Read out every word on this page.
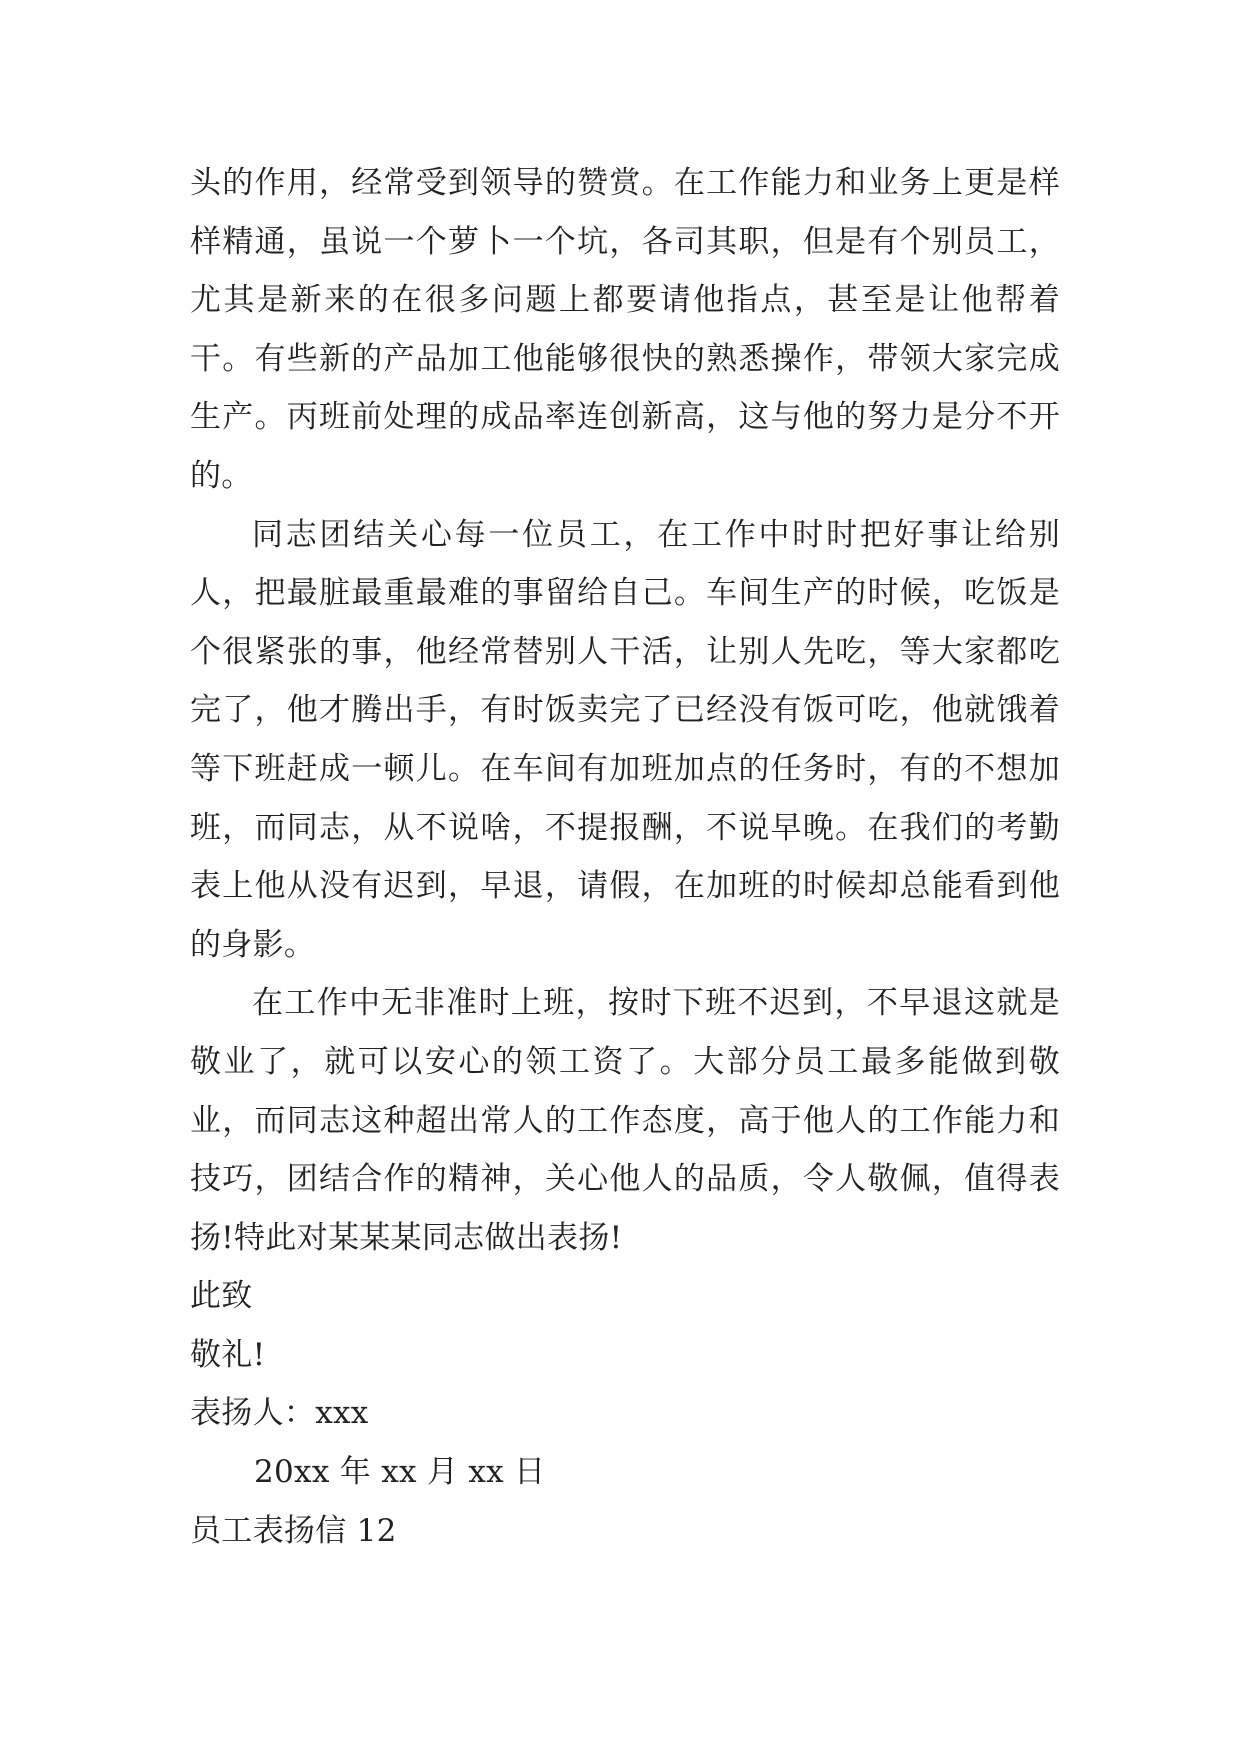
头的作用，经常受到领导的赞赏。在工作能力和业务上更是样样精通，虽说一个萝卜一个坑，各司其职，但是有个别员工，尤其是新来的在很多问题上都要请他指点，甚至是让他帮着干。有些新的产品加工他能够很快的熟悉操作，带领大家完成生产。丙班前处理的成品率连创新高，这与他的努力是分不开的。

同志团结关心每一位员工，在工作中时时把好事让给别人，把最脏最重最难的事留给自己。车间生产的时候，吃饭是个很紧张的事，他经常替别人干活，让别人先吃，等大家都吃完了，他才腾出手，有时饭卖完了已经没有饭可吃，他就饿着等下班赶成一顿儿。在车间有加班加点的任务时，有的不想加班，而同志，从不说啥，不提报酬，不说早晚。在我们的考勤表上他从没有迟到，早退，请假，在加班的时候却总能看到他的身影。

在工作中无非准时上班，按时下班不迟到，不早退这就是敬业了，就可以安心的领工资了。大部分员工最多能做到敬业，而同志这种超出常人的工作态度，高于他人的工作能力和技巧，团结合作的精神，关心他人的品质，令人敬佩，值得表扬!特此对某某某同志做出表扬!

此致

敬礼!

表扬人：xxx

20xx 年 xx 月 xx 日

员工表扬信 12
